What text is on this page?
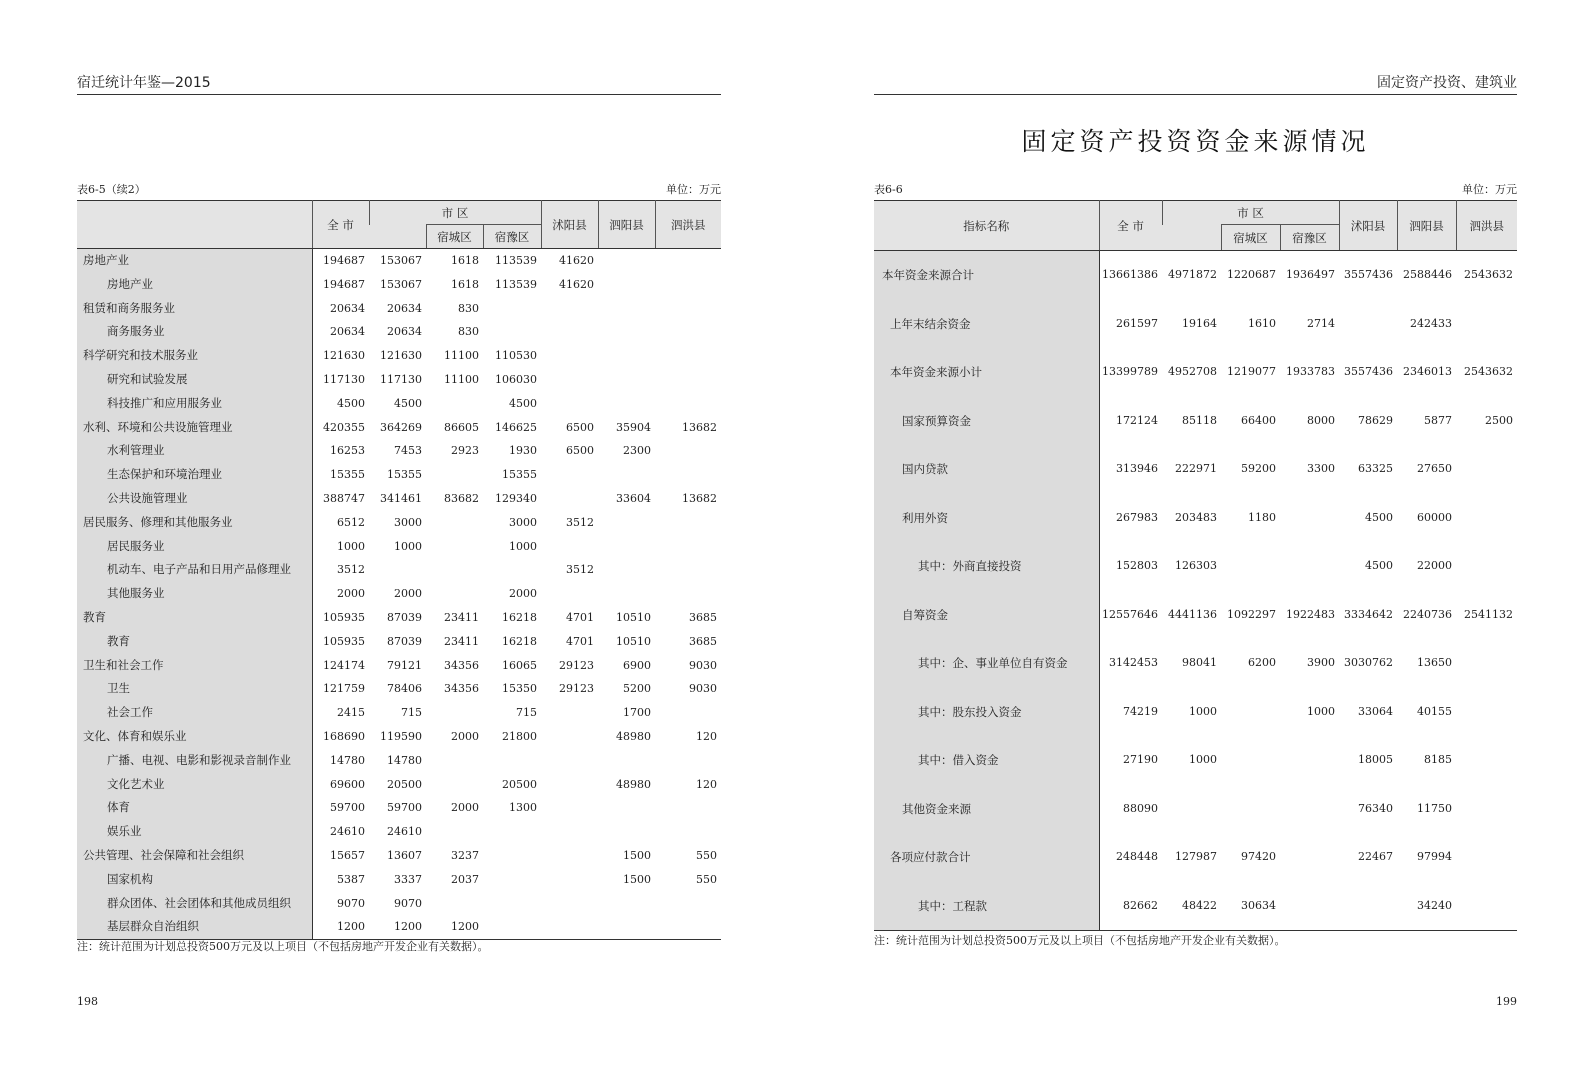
宿迁统计年鉴—2015
表6-5（续2）	单位：万元
	全 市	市 区			沭阳县	泗阳县	泗洪县
			宿城区	宿豫区			
房地产业	194687	153067	1618	113539	41620		
房地产业	194687	153067	1618	113539	41620		
租赁和商务服务业	20634	20634	830				
商务服务业	20634	20634	830				
科学研究和技术服务业	121630	121630	11100	110530			
研究和试验发展	117130	117130	11100	106030			
科技推广和应用服务业	4500	4500		4500			
水利、环境和公共设施管理业	420355	364269	86605	146625	6500	35904	13682
水利管理业	16253	7453	2923	1930	6500	2300	
生态保护和环境治理业	15355	15355		15355			
公共设施管理业	388747	341461	83682	129340		33604	13682
居民服务、修理和其他服务业	6512	3000		3000	3512		
居民服务业	1000	1000		1000			
机动车、电子产品和日用产品修理业	3512				3512		
其他服务业	2000	2000		2000			
教育	105935	87039	23411	16218	4701	10510	3685
教育	105935	87039	23411	16218	4701	10510	3685
卫生和社会工作	124174	79121	34356	16065	29123	6900	9030
卫生	121759	78406	34356	15350	29123	5200	9030
社会工作	2415	715		715		1700	
文化、体育和娱乐业	168690	119590	2000	21800		48980	120
广播、电视、电影和影视录音制作业	14780	14780					
文化艺术业	69600	20500		20500		48980	120
体育	59700	59700	2000	1300			
娱乐业	24610	24610					
公共管理、社会保障和社会组织	15657	13607	3237			1500	550
国家机构	5387	3337	2037			1500	550
群众团体、社会团体和其他成员组织	9070	9070					
基层群众自治组织	1200	1200	1200				
注：统计范围为计划总投资500万元及以上项目（不包括房地产开发企业有关数据）。
198
固定资产投资、建筑业
固定资产投资资金来源情况
表6-6	单位：万元
指标名称	全 市	市 区			沭阳县	泗阳县	泗洪县
			宿城区	宿豫区			
本年资金来源合计	13661386	4971872	1220687	1936497	3557436	2588446	2543632
上年末结余资金	261597	19164	1610	2714		242433	
本年资金来源小计	13399789	4952708	1219077	1933783	3557436	2346013	2543632
国家预算资金	172124	85118	66400	8000	78629	5877	2500
国内贷款	313946	222971	59200	3300	63325	27650	
利用外资	267983	203483	1180		4500	60000	
其中：外商直接投资	152803	126303			4500	22000	
自筹资金	12557646	4441136	1092297	1922483	3334642	2240736	2541132
其中：企、事业单位自有资金	3142453	98041	6200	3900	3030762	13650	
其中：股东投入资金	74219	1000		1000	33064	40155	
其中：借入资金	27190	1000			18005	8185	
其他资金来源	88090				76340	11750	
各项应付款合计	248448	127987	97420		22467	97994	
其中：工程款	82662	48422	30634			34240	
注：统计范围为计划总投资500万元及以上项目（不包括房地产开发企业有关数据）。
199
